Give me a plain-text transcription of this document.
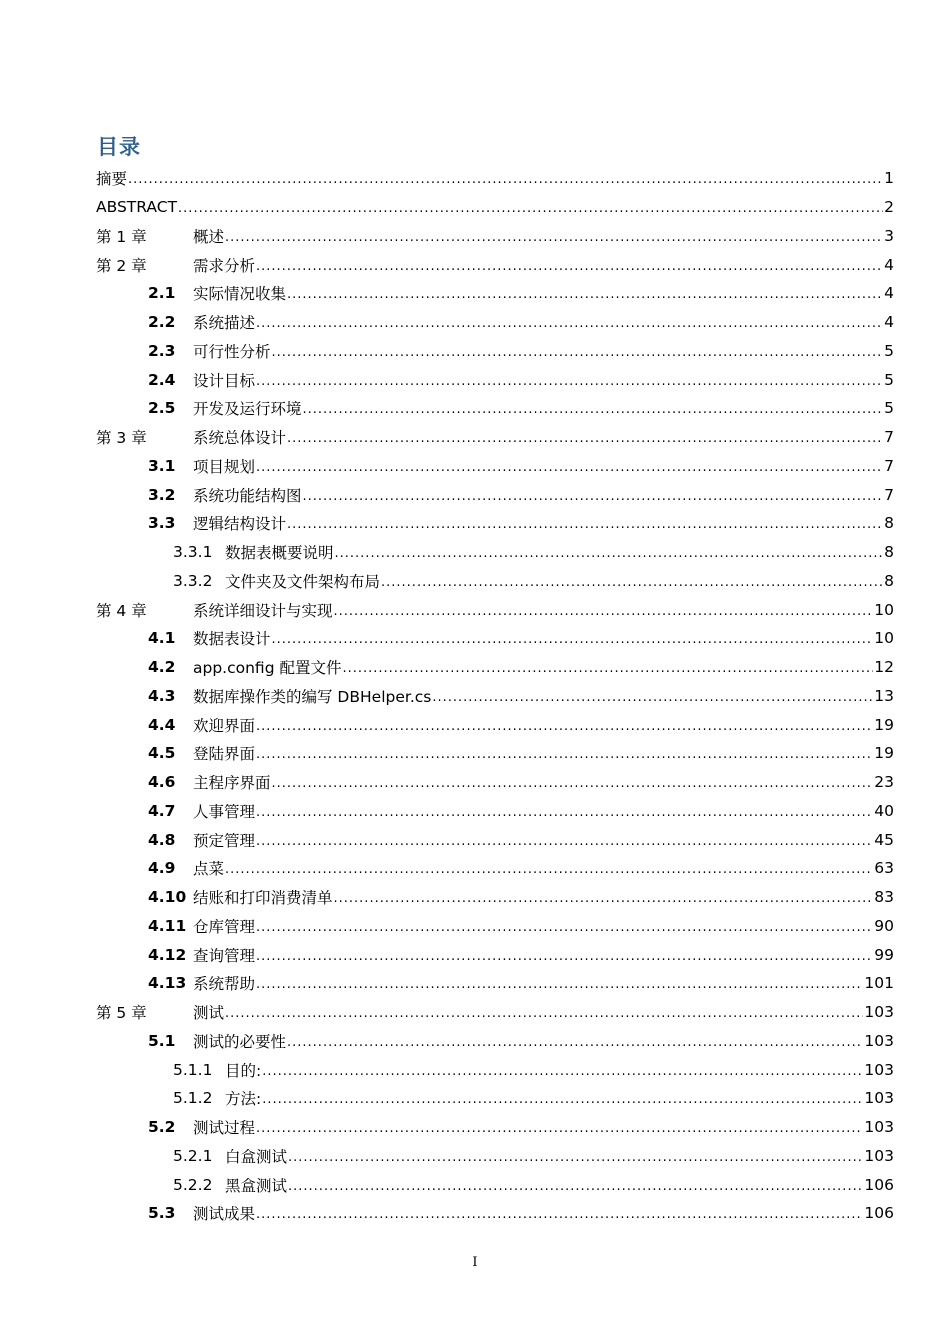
目录
摘要 .....	1
ABSTRACT .....	2
第 1 章	概述 .....	3
第 2 章	需求分析 .....	4
2.1	实际情况收集 .....	4
2.2	系统描述 .....	4
2.3	可行性分析 .....	5
2.4	设计目标 .....	5
2.5	开发及运行环境 .....	5
第 3 章	系统总体设计 .....	7
3.1	项目规划 .....	7
3.2	系统功能结构图 .....	7
3.3	逻辑结构设计 .....	8
3.3.1 数据表概要说明 .....	8
3.3.2 文件夹及文件架构布局 .....	8
第 4 章	系统详细设计与实现 .....	10
4.1	数据表设计 .....	10
4.2	app.config 配置文件 .....	12
4.3	数据库操作类的编写 DBHelper.cs .....	13
4.4	欢迎界面 .....	19
4.5	登陆界面 .....	19
4.6	主程序界面 .....	23
4.7	人事管理 .....	40
4.8	预定管理 .....	45
4.9	点菜 .....	63
4.10 结账和打印消费清单 .....	83
4.11 仓库管理 .....	90
4.12 查询管理 .....	99
4.13 系统帮助 .....	101
第 5 章	测试 .....	103
5.1	测试的必要性 .....	103
5.1.1 目的: .....	103
5.1.2 方法: .....	103
5.2	测试过程 .....	103
5.2.1 白盒测试 .....	103
5.2.2 黑盒测试 .....	106
5.3	测试成果 .....	106
I
